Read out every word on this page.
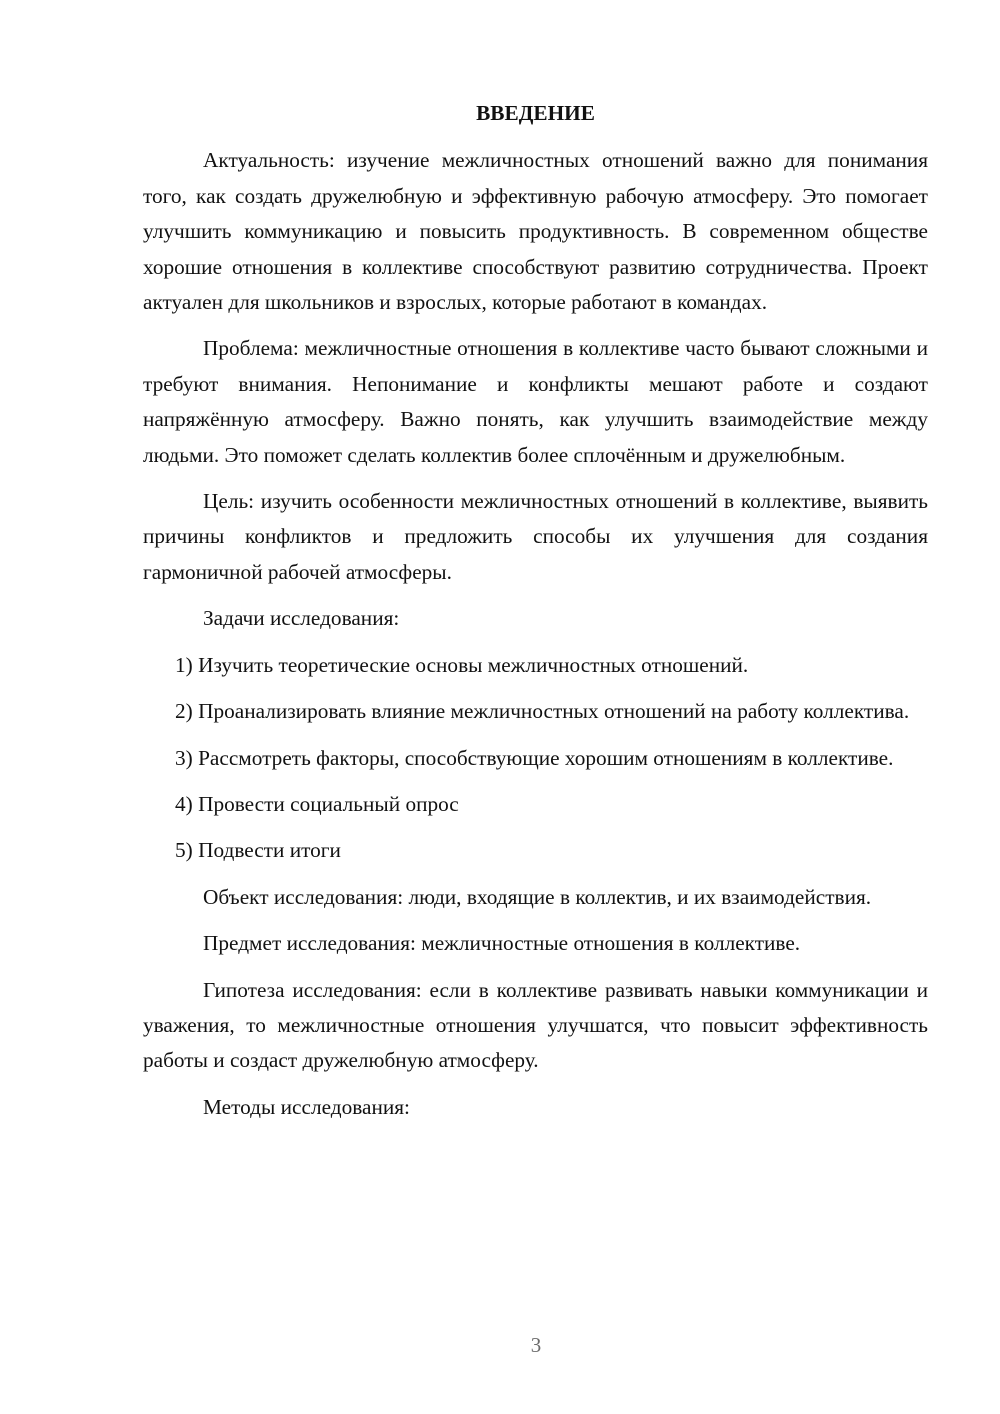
ВВЕДЕНИЕ

Актуальность: изучение межличностных отношений важно для понимания того, как создать дружелюбную и эффективную рабочую атмосферу. Это помогает улучшить коммуникацию и повысить продуктивность. В современном обществе хорошие отношения в коллективе способствуют развитию сотрудничества. Проект актуален для школьников и взрослых, которые работают в командах.

Проблема: межличностные отношения в коллективе часто бывают сложными и требуют внимания. Непонимание и конфликты мешают работе и создают напряжённую атмосферу. Важно понять, как улучшить взаимодействие между людьми. Это поможет сделать коллектив более сплочённым и дружелюбным.

Цель: изучить особенности межличностных отношений в коллективе, выявить причины конфликтов и предложить способы их улучшения для создания гармоничной рабочей атмосферы.

Задачи исследования:

1) Изучить теоретические основы межличностных отношений.

2) Проанализировать влияние межличностных отношений на работу коллектива.

3) Рассмотреть факторы, способствующие хорошим отношениям в коллективе.

4) Провести социальный опрос

5) Подвести итоги

Объект исследования: люди, входящие в коллектив, и их взаимодействия.

Предмет исследования: межличностные отношения в коллективе.

Гипотеза исследования: если в коллективе развивать навыки коммуникации и уважения, то межличностные отношения улучшатся, что повысит эффективность работы и создаст дружелюбную атмосферу.

Методы исследования:

3
